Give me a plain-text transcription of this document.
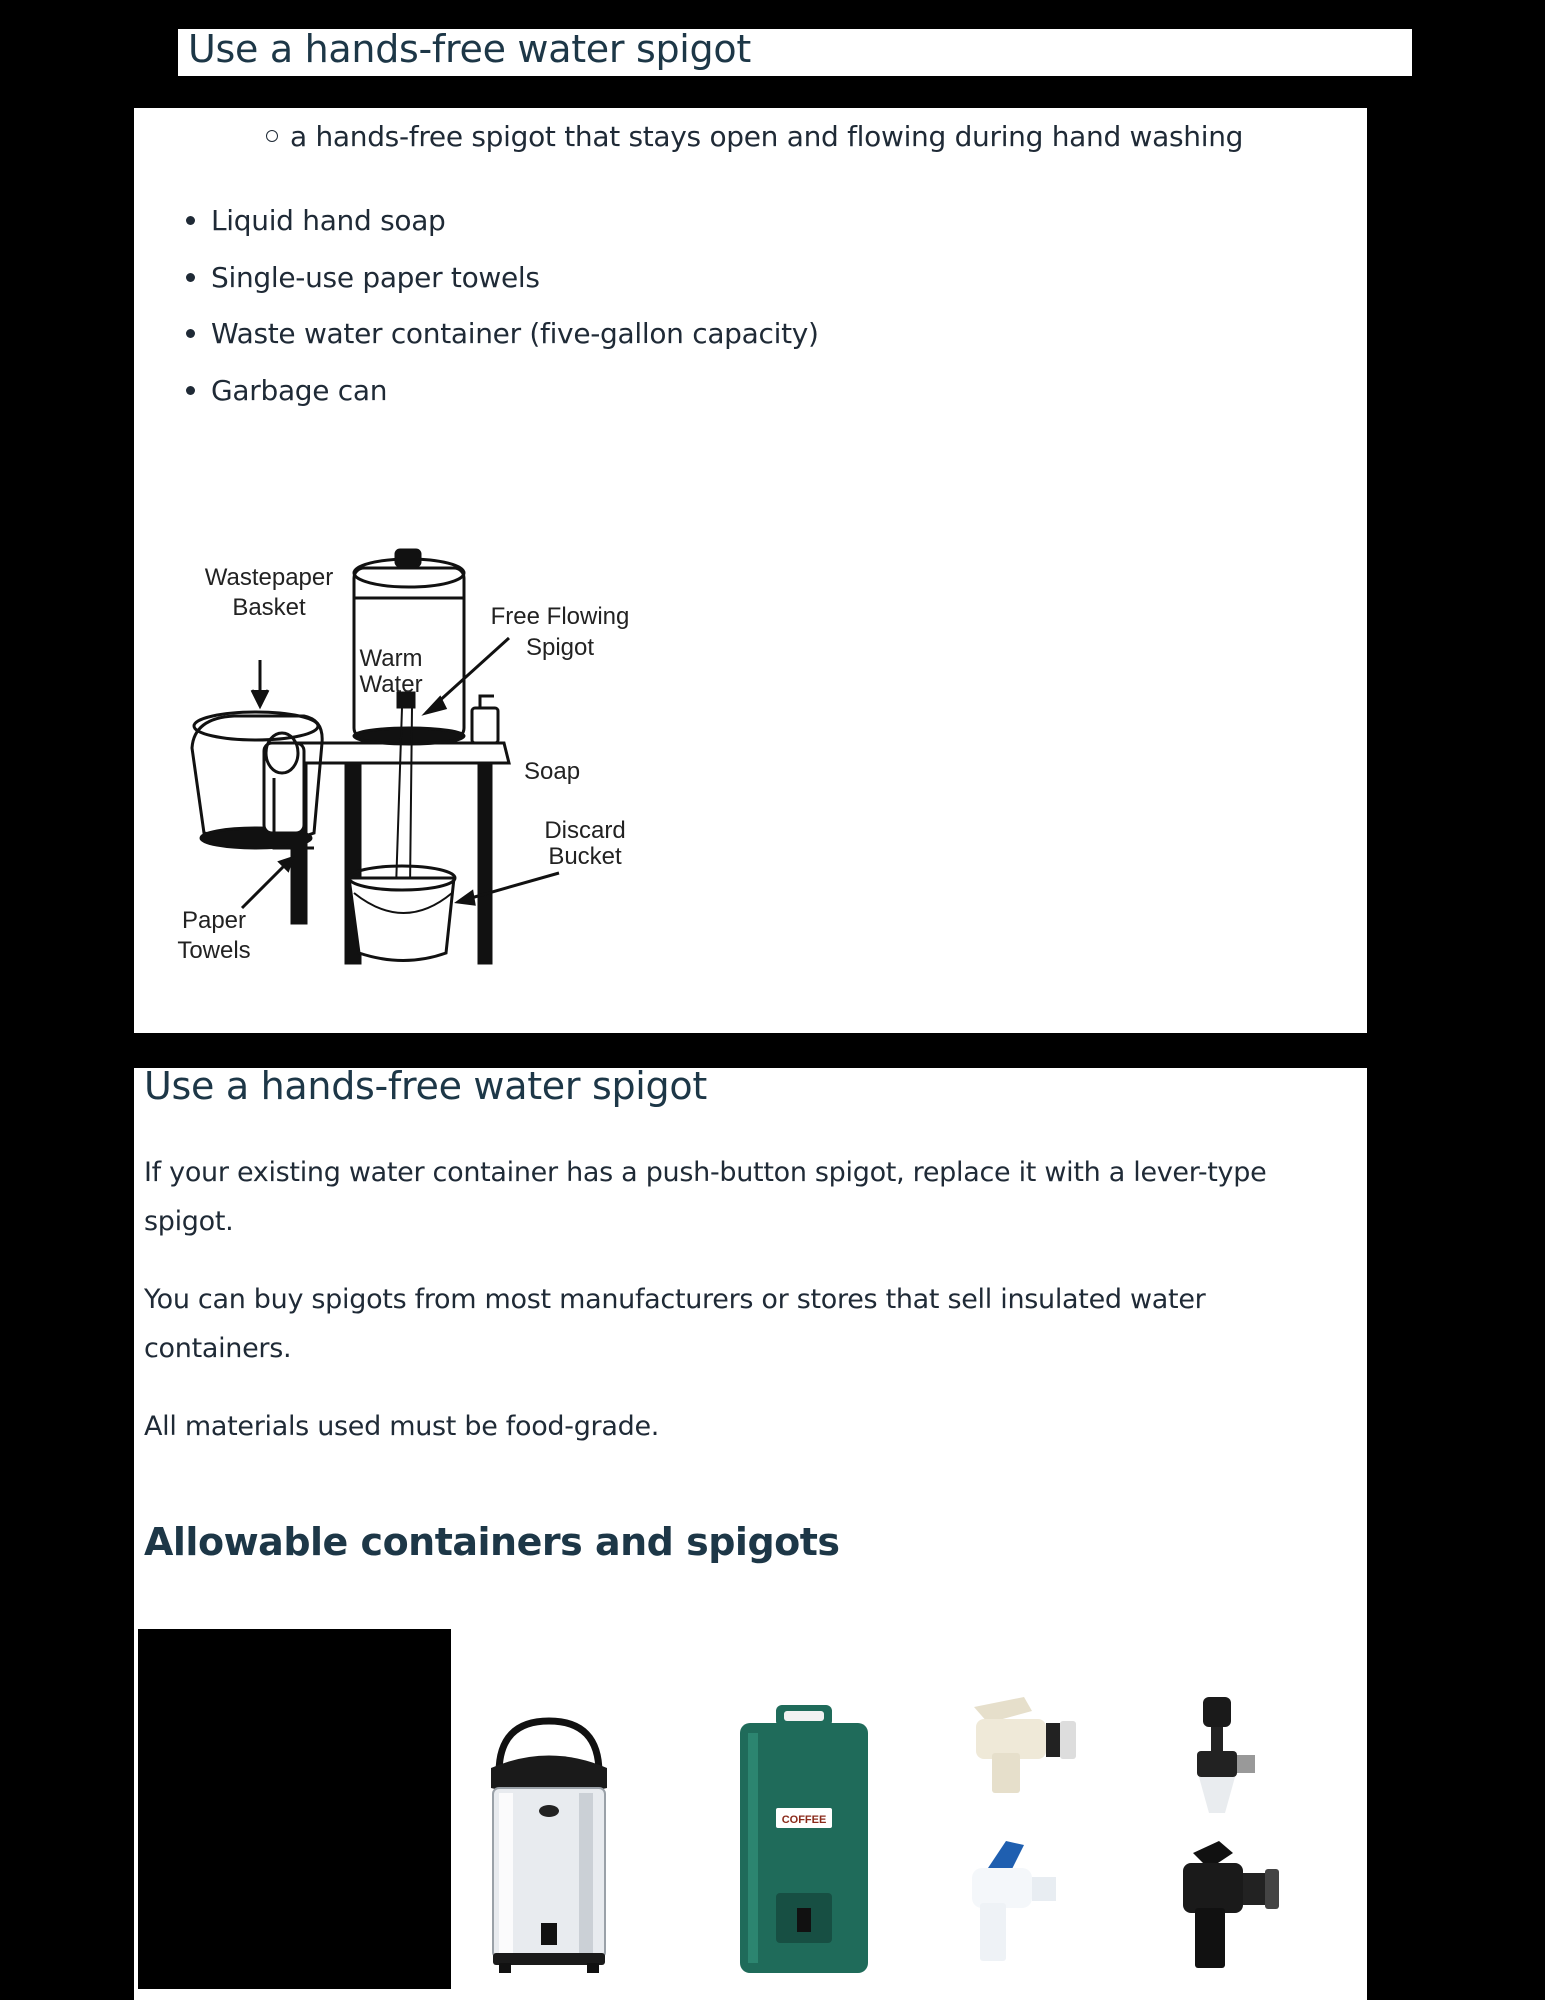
Use a hands-free water spigot
a hands-free spigot that stays open and flowing during hand washing
Liquid hand soap
Single-use paper towels
Waste water container (five-gallon capacity)
Garbage can
Wastepaper Basket
Warm Water
Free Flowing Spigot
Soap
Discard Bucket
Paper Towels
Use a hands-free water spigot

If your existing water container has a push-button spigot, replace it with a lever-type spigot.

You can buy spigots from most manufacturers or stores that sell insulated water containers.

All materials used must be food-grade.

Allowable containers and spigots
COFFEE
